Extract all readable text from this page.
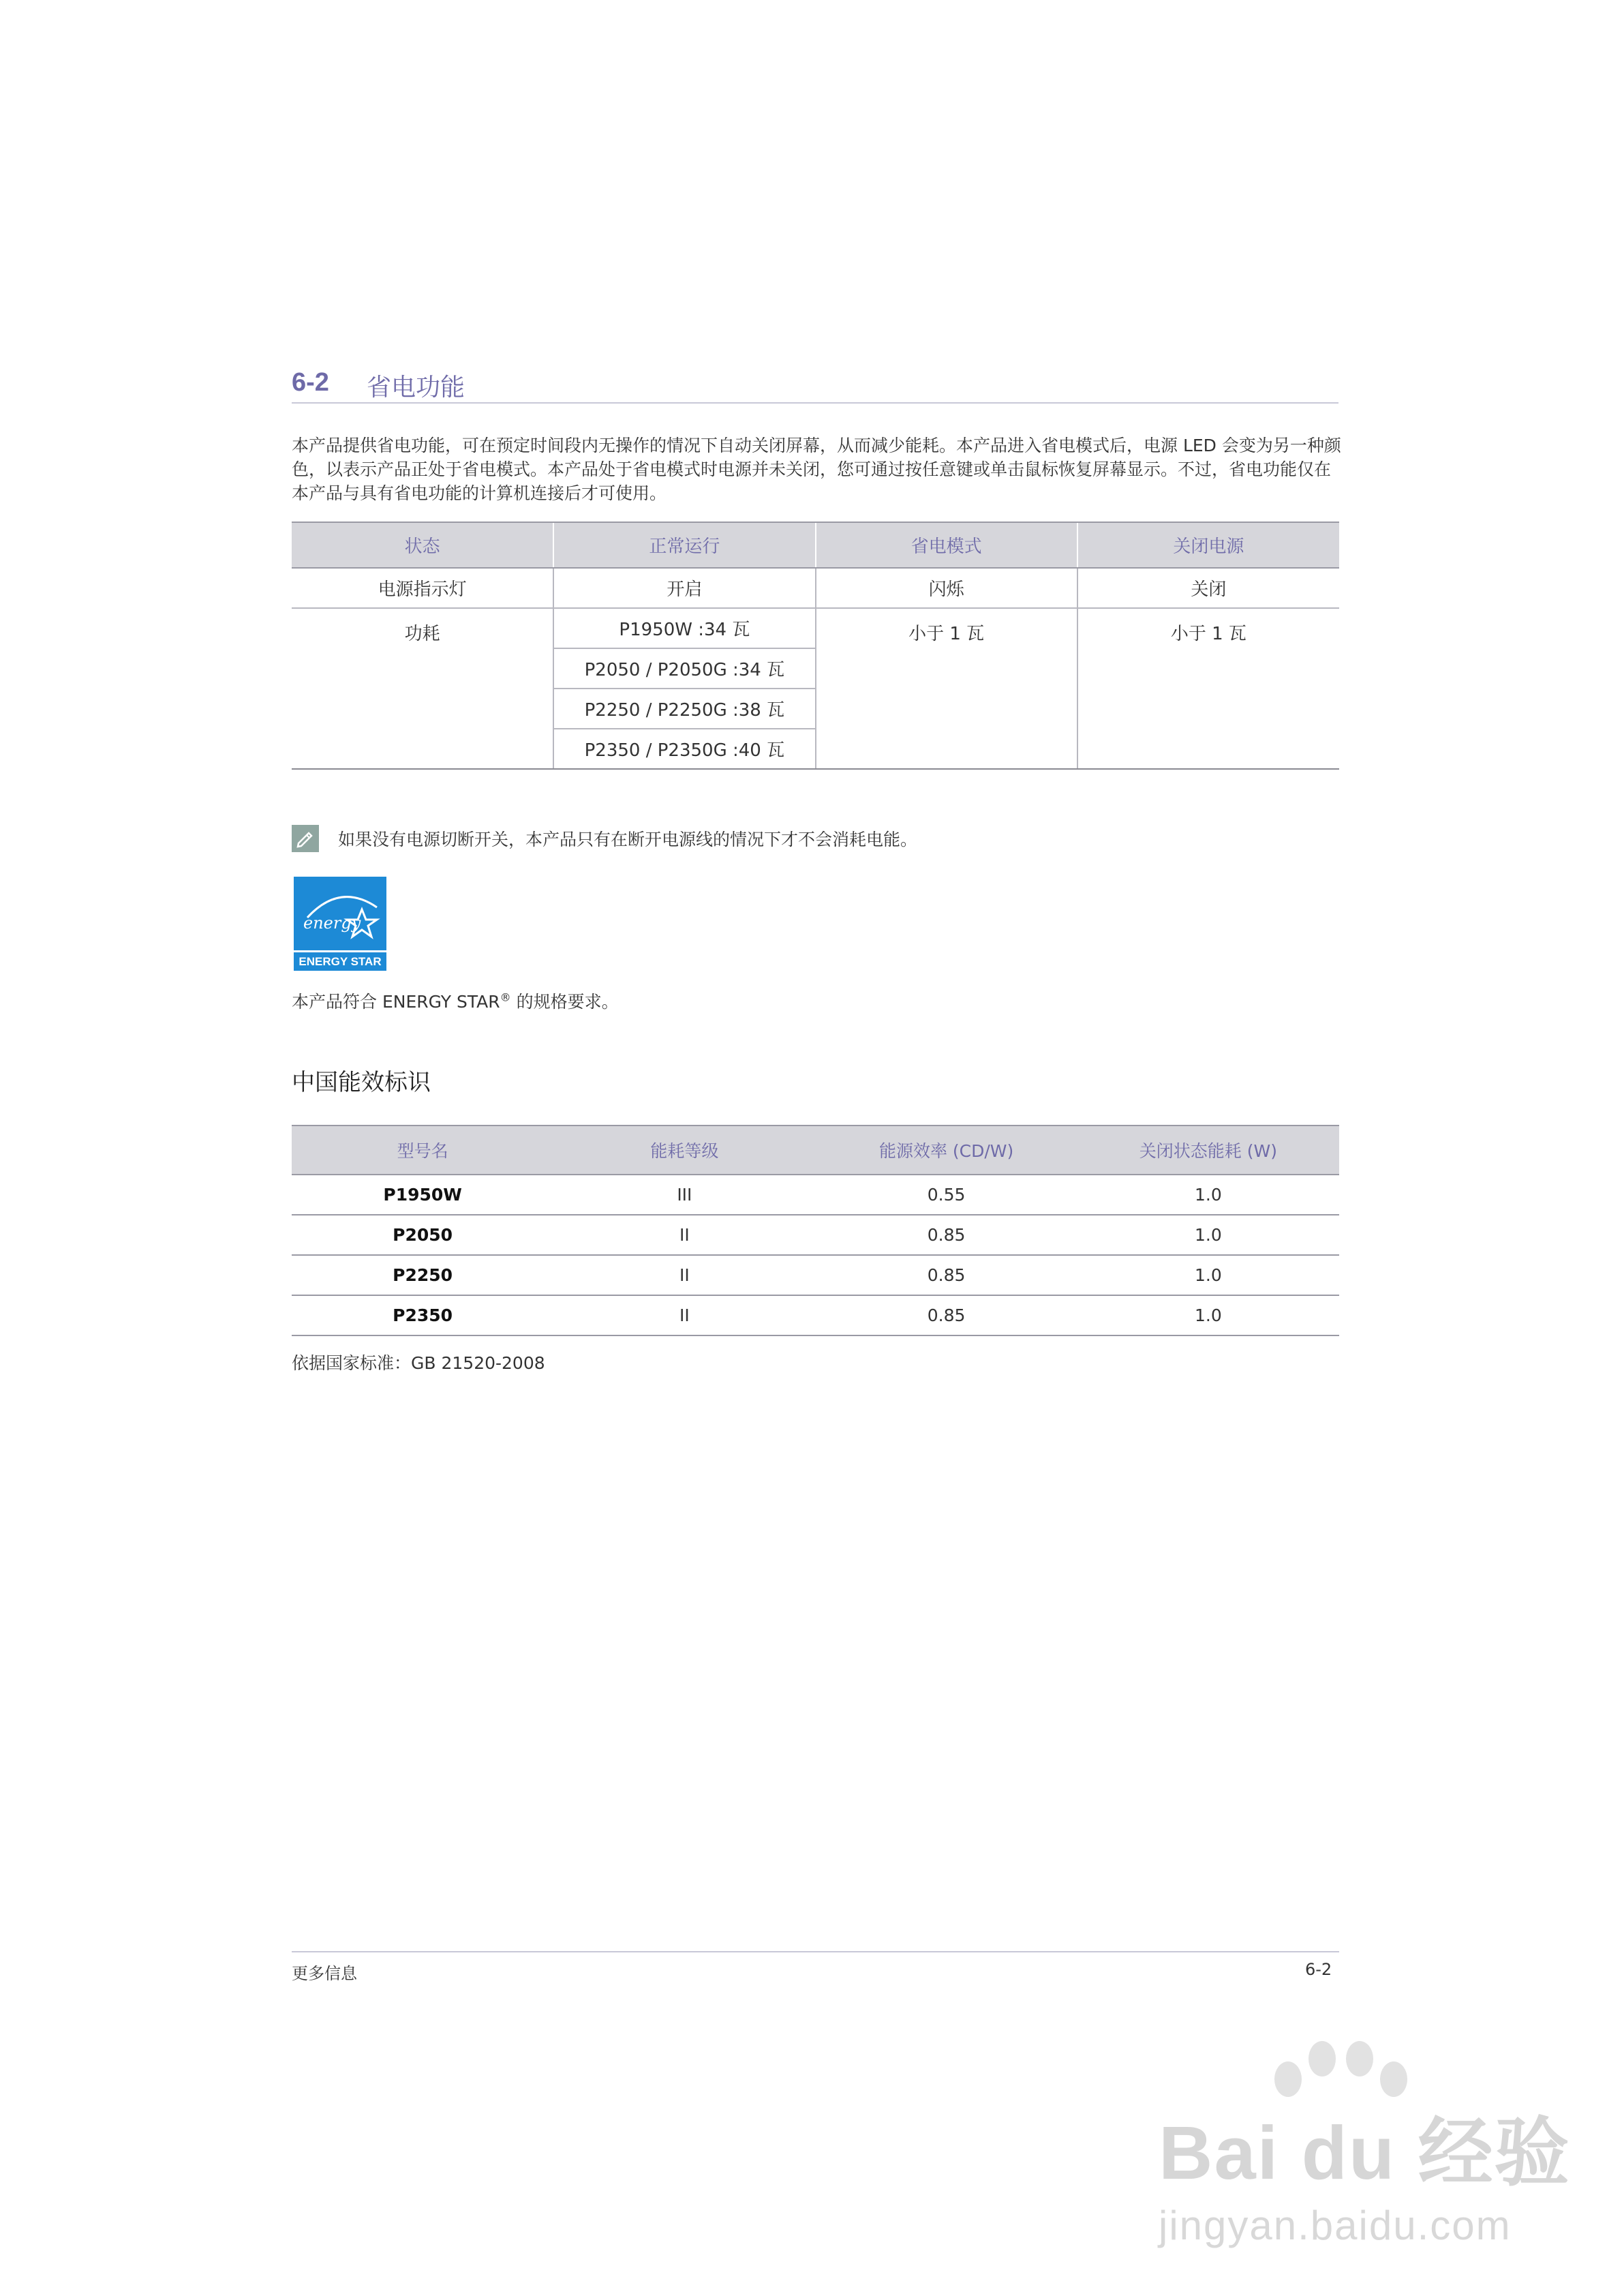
6-2 省电功能
本产品提供省电功能，可在预定时间段内无操作的情况下自动关闭屏幕，从而减少能耗。本产品进入省电模式后，电源 LED 会变为另一种颜色，以表示产品正处于省电模式。本产品处于省电模式时电源并未关闭，您可通过按任意键或单击鼠标恢复屏幕显示。不过，省电功能仅在本产品与具有省电功能的计算机连接后才可使用。
状态	正常运行	省电模式	关闭电源
电源指示灯	开启	闪烁	关闭
功耗	P1950W :34 瓦	小于 1 瓦	小于 1 瓦
	P2050 / P2050G :34 瓦		
	P2250 / P2250G :38 瓦		
	P2350 / P2350G :40 瓦		
如果没有电源切断开关，本产品只有在断开电源线的情况下才不会消耗电能。
energy
ENERGY STAR
本产品符合 ENERGY STAR® 的规格要求。
中国能效标识
型号名	能耗等级	能源效率 (CD/W)	关闭状态能耗 (W)
P1950W	III	0.55	1.0
P2050	II	0.85	1.0
P2250	II	0.85	1.0
P2350	II	0.85	1.0
依据国家标准：GB 21520-2008
更多信息	6-2
Bai du 经验
jingyan.baidu.com
